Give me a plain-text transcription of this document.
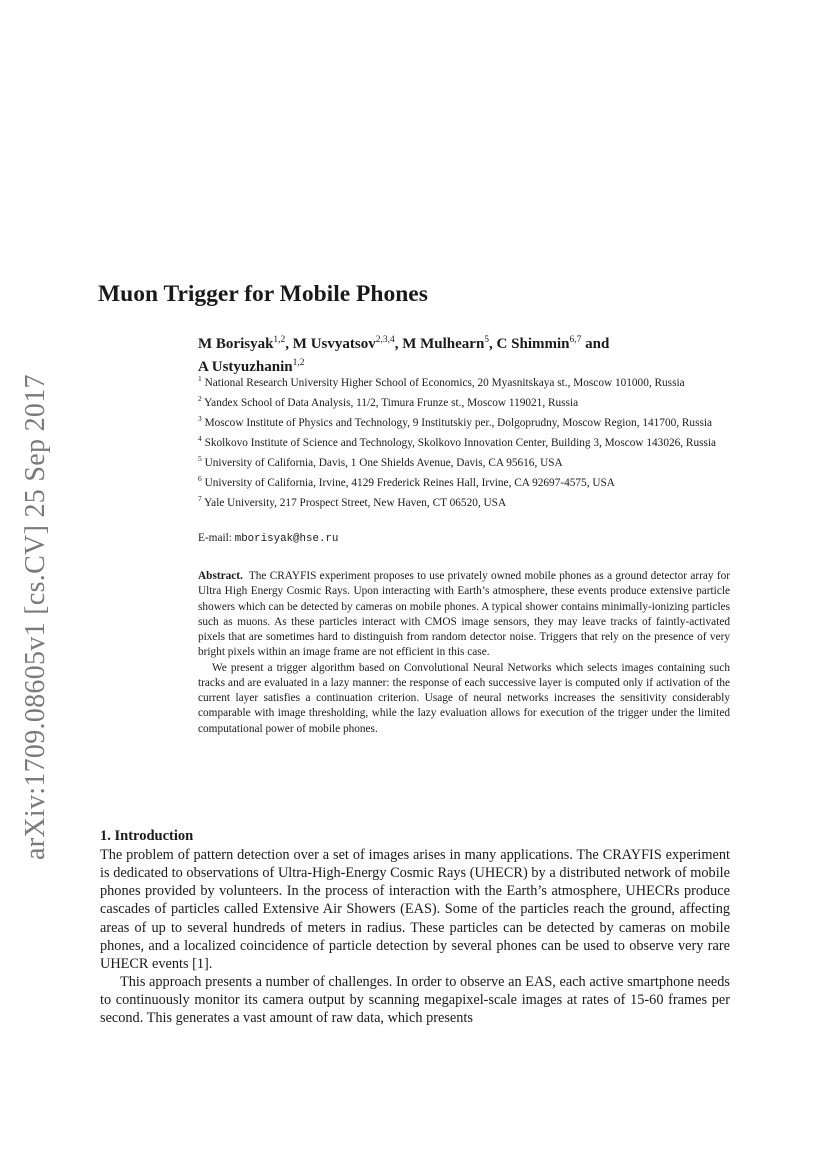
arXiv:1709.08605v1 [cs.CV] 25 Sep 2017
Muon Trigger for Mobile Phones
M Borisyak$^{1,2}$, M Usvyatsov$^{2,3,4}$, M Mulhearn$^5$, C Shimmin$^{6,7}$ and
A Ustyuzhanin$^{1,2}$
$^1$ National Research University Higher School of Economics, 20 Myasnitskaya st., Moscow 101000, Russia
$^2$ Yandex School of Data Analysis, 11/2, Timura Frunze st., Moscow 119021, Russia
$^3$ Moscow Institute of Physics and Technology, 9 Institutskiy per., Dolgoprudny, Moscow Region, 141700, Russia
$^4$ Skolkovo Institute of Science and Technology, Skolkovo Innovation Center, Building 3, Moscow 143026, Russia
$^5$ University of California, Davis, 1 One Shields Avenue, Davis, CA 95616, USA
$^6$ University of California, Irvine, 4129 Frederick Reines Hall, Irvine, CA 92697-4575, USA
$^7$ Yale University, 217 Prospect Street, New Haven, CT 06520, USA
E-mail: mborisyak@hse.ru

Abstract. The CRAYFIS experiment proposes to use privately owned mobile phones as a ground detector array for Ultra High Energy Cosmic Rays. Upon interacting with Earth’s atmosphere, these events produce extensive particle showers which can be detected by cameras on mobile phones. A typical shower contains minimally-ionizing particles such as muons. As these particles interact with CMOS image sensors, they may leave tracks of faintly-activated pixels that are sometimes hard to distinguish from random detector noise. Triggers that rely on the presence of very bright pixels within an image frame are not efficient in this case.

We present a trigger algorithm based on Convolutional Neural Networks which selects images containing such tracks and are evaluated in a lazy manner: the response of each successive layer is computed only if activation of the current layer satisfies a continuation criterion. Usage of neural networks increases the sensitivity considerably comparable with image thresholding, while the lazy evaluation allows for execution of the trigger under the limited computational power of mobile phones.

1. Introduction

The problem of pattern detection over a set of images arises in many applications. The CRAYFIS experiment is dedicated to observations of Ultra-High-Energy Cosmic Rays (UHECR) by a distributed network of mobile phones provided by volunteers. In the process of interaction with the Earth’s atmosphere, UHECRs produce cascades of particles called Extensive Air Showers (EAS). Some of the particles reach the ground, affecting areas of up to several hundreds of meters in radius. These particles can be detected by cameras on mobile phones, and a localized coincidence of particle detection by several phones can be used to observe very rare UHECR events [1].

This approach presents a number of challenges. In order to observe an EAS, each active smartphone needs to continuously monitor its camera output by scanning megapixel-scale images at rates of 15-60 frames per second. This generates a vast amount of raw data, which presents
